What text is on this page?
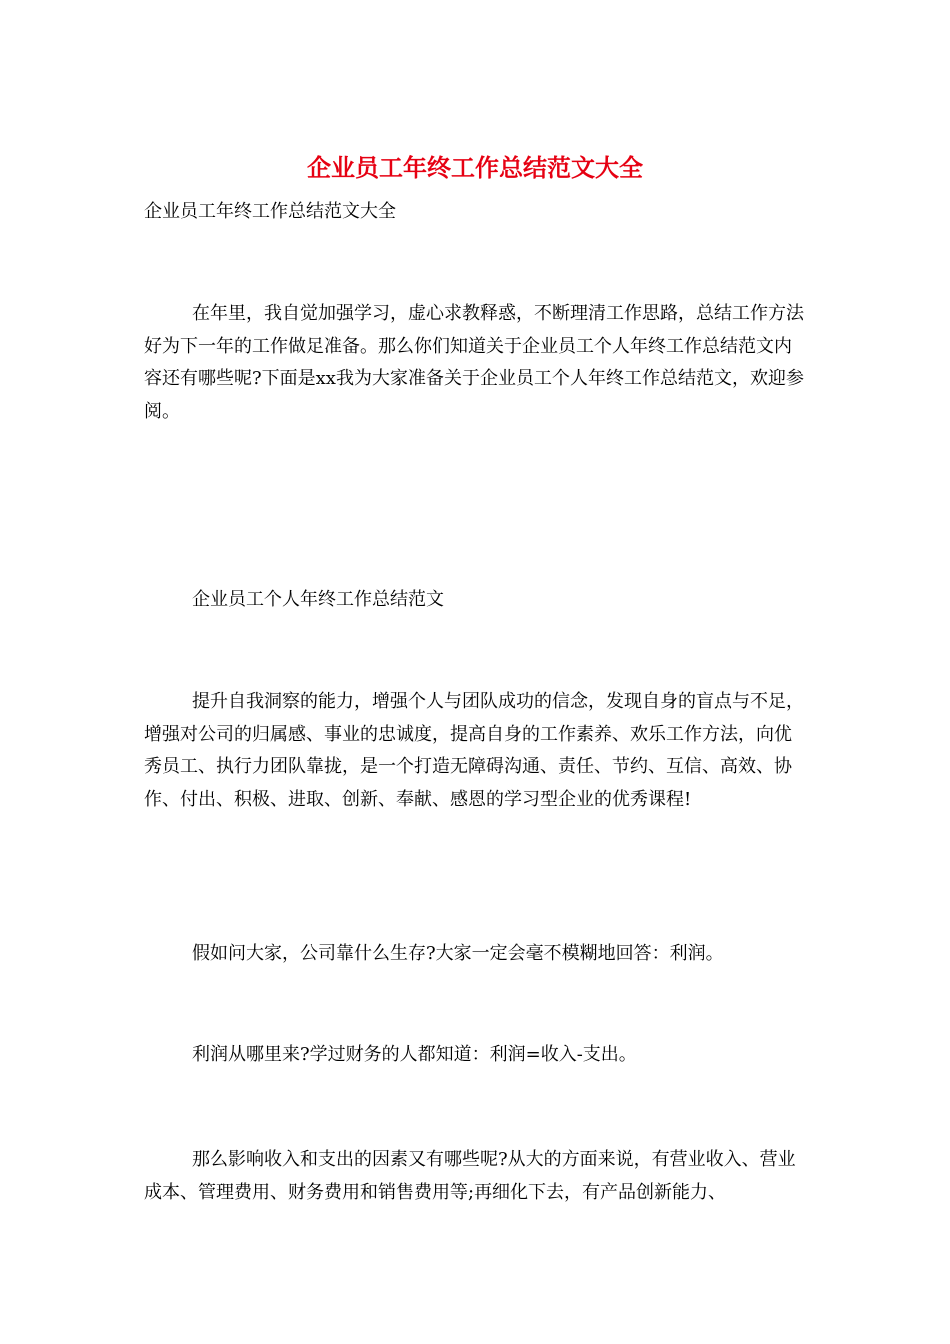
企业员工年终工作总结范文大全
企业员工年终工作总结范文大全

在年里，我自觉加强学习，虚心求教释惑，不断理清工作思路，总结工作方法好为下一年的工作做足准备。那么你们知道关于企业员工个人年终工作总结范文内容还有哪些呢?下面是xx我为大家准备关于企业员工个人年终工作总结范文，欢迎参阅。

企业员工个人年终工作总结范文

提升自我洞察的能力，增强个人与团队成功的信念，发现自身的盲点与不足，增强对公司的归属感、事业的忠诚度，提高自身的工作素养、欢乐工作方法，向优秀员工、执行力团队靠拢，是一个打造无障碍沟通、责任、节约、互信、高效、协作、付出、积极、进取、创新、奉献、感恩的学习型企业的优秀课程!

假如问大家，公司靠什么生存?大家一定会毫不模糊地回答：利润。

利润从哪里来?学过财务的人都知道：利润=收入-支出。

那么影响收入和支出的因素又有哪些呢?从大的方面来说，有营业收入、营业成本、管理费用、财务费用和销售费用等;再细化下去，有产品创新能力、
